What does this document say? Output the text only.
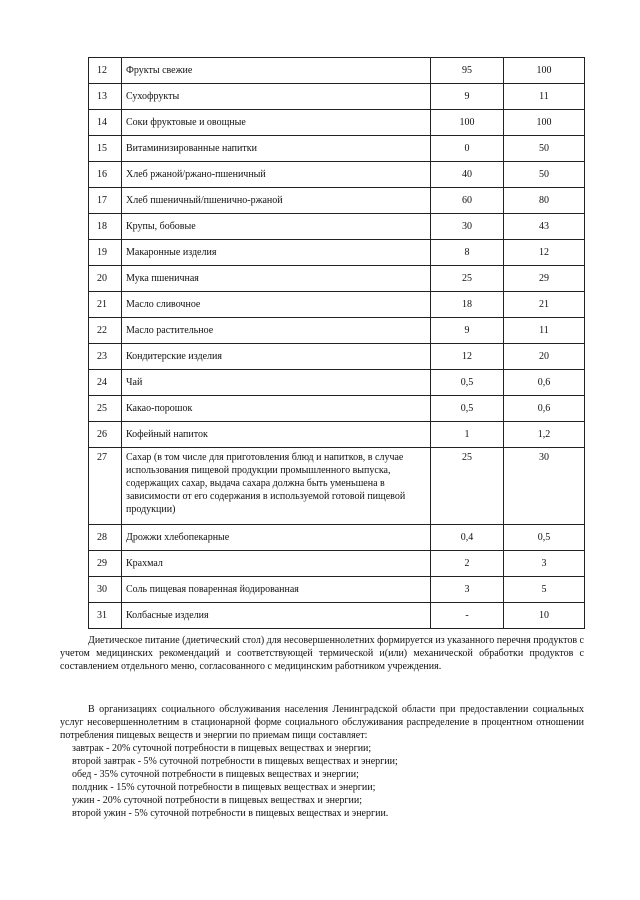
12	Фрукты свежие	95	100
13	Сухофрукты	9	11
14	Соки фруктовые и овощные	100	100
15	Витаминизированные напитки	0	50
16	Хлеб ржаной/ржано-пшеничный	40	50
17	Хлеб пшеничный/пшенично-ржаной	60	80
18	Крупы, бобовые	30	43
19	Макаронные изделия	8	12
20	Мука пшеничная	25	29
21	Масло сливочное	18	21
22	Масло растительное	9	11
23	Кондитерские изделия	12	20
24	Чай	0,5	0,6
25	Какао-порошок	0,5	0,6
26	Кофейный напиток	1	1,2
27	Сахар (в том числе для приготовления блюд и напитков, в случае использования пищевой продукции промышленного выпуска, содержащих сахар, выдача сахара должна быть уменьшена в зависимости от его содержания в используемой готовой пищевой продукции)	25	30
28	Дрожжи хлебопекарные	0,4	0,5
29	Крахмал	2	3
30	Соль пищевая поваренная йодированная	3	5
31	Колбасные изделия	-	10

Диетическое питание (диетический стол) для несовершеннолетних формируется из указанного перечня продуктов с учетом медицинских рекомендаций и соответствующей термической и(или) механической обработки продуктов с составлением отдельного меню, согласованного с медицинским работником учреждения.

В организациях социального обслуживания населения Ленинградской области при предоставлении социальных услуг несовершеннолетним в стационарной форме социального обслуживания распределение в процентном отношении потребления пищевых веществ и энергии по приемам пищи составляет:

завтрак - 20% суточной потребности в пищевых веществах и энергии;

второй завтрак - 5% суточной потребности в пищевых веществах и энергии;

обед - 35% суточной потребности в пищевых веществах и энергии;

полдник - 15% суточной потребности в пищевых веществах и энергии;

ужин - 20% суточной потребности в пищевых веществах и энергии;

второй ужин - 5% суточной потребности в пищевых веществах и энергии.
